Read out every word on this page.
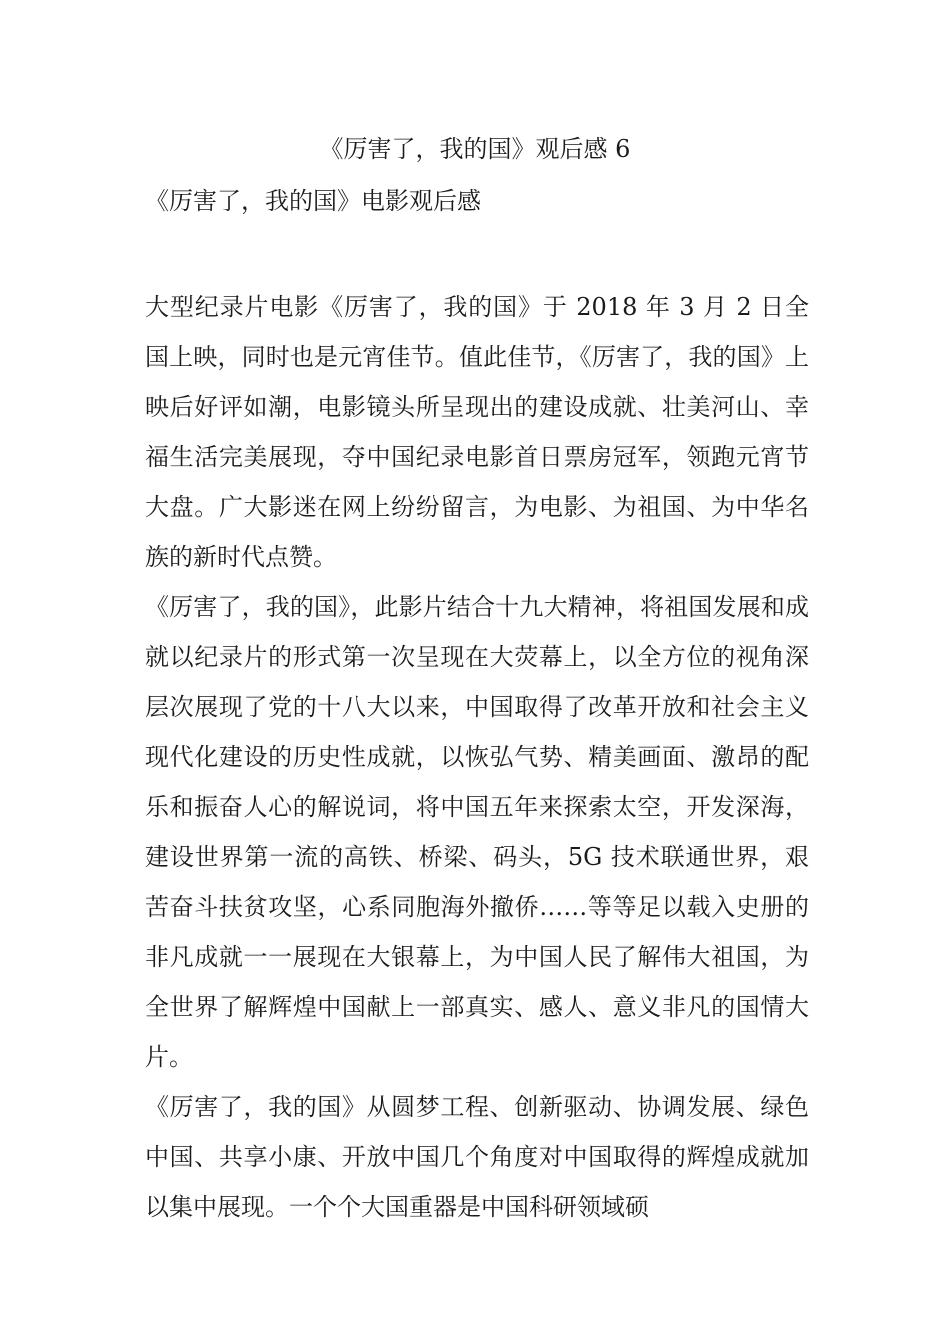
《厉害了，我的国》观后感 6
《厉害了，我的国》电影观后感

大型纪录片电影《厉害了，我的国》于 2018 年 3 月 2 日全国上映，同时也是元宵佳节。值此佳节，《厉害了，我的国》上映后好评如潮，电影镜头所呈现出的建设成就、壮美河山、幸福生活完美展现，夺中国纪录电影首日票房冠军，领跑元宵节大盘。广大影迷在网上纷纷留言，为电影、为祖国、为中华名族的新时代点赞。

《厉害了，我的国》，此影片结合十九大精神，将祖国发展和成就以纪录片的形式第一次呈现在大荧幕上，以全方位的视角深层次展现了党的十八大以来，中国取得了改革开放和社会主义现代化建设的历史性成就，以恢弘气势、精美画面、激昂的配乐和振奋人心的解说词，将中国五年来探索太空，开发深海，建设世界第一流的高铁、桥梁、码头，5G 技术联通世界，艰苦奋斗扶贫攻坚，心系同胞海外撤侨……等等足以载入史册的非凡成就一一展现在大银幕上，为中国人民了解伟大祖国，为全世界了解辉煌中国献上一部真实、感人、意义非凡的国情大片。

《厉害了，我的国》从圆梦工程、创新驱动、协调发展、绿色中国、共享小康、开放中国几个角度对中国取得的辉煌成就加以集中展现。一个个大国重器是中国科研领域硕
